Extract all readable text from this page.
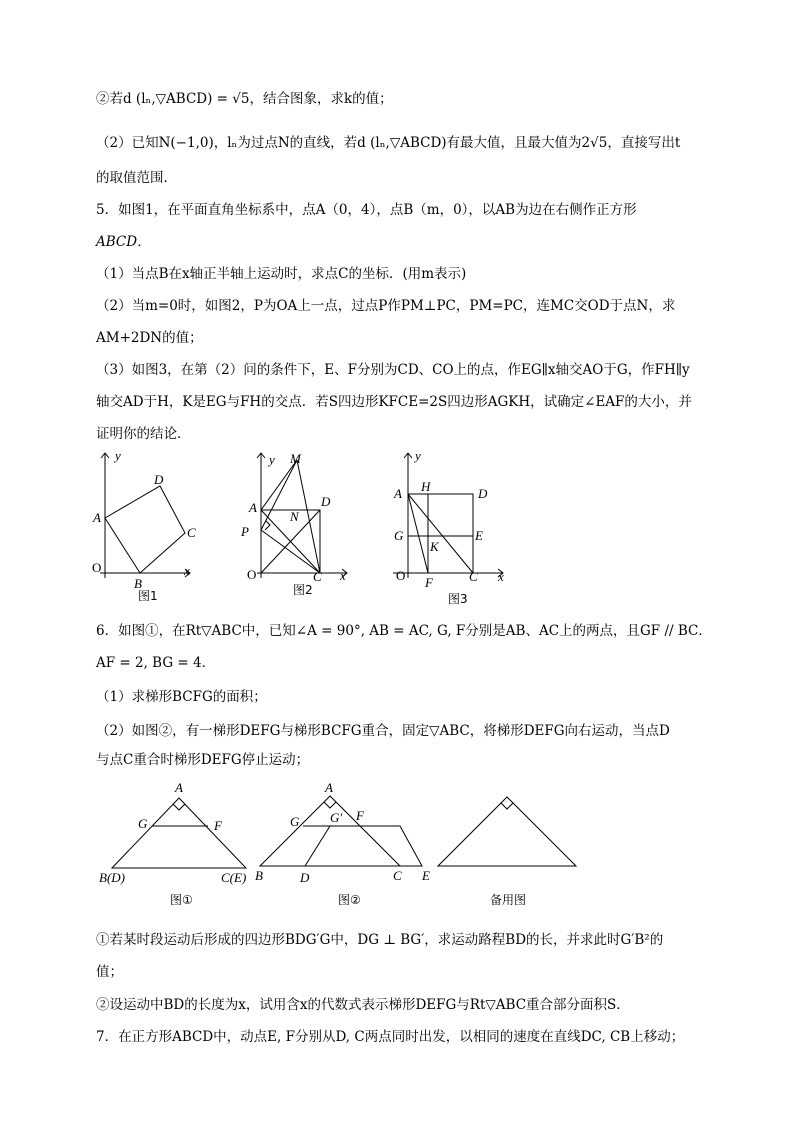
②若d (lₙ,▽ABCD) = √5，结合图象，求k的值；
（2）已知N(−1,0)，lₙ为过点N的直线，若d (lₙ,▽ABCD)有最大值，且最大值为2√5，直接写出t
的取值范围．
5．如图1，在平面直角坐标系中，点A（0，4），点B（m，0），以AB为边在右侧作正方形
ABCD．
（1）当点B在x轴正半轴上运动时，求点C的坐标．(用m表示)
（2）当m=0时，如图2，P为OA上一点，过点P作PM⊥PC，PM=PC，连MC交OD于点N，求
AM+2DN的值；
（3）如图3，在第（2）问的条件下，E、F分别为CD、CO上的点，作EG∥x轴交AO于G，作FH∥y
轴交AD于H，K是EG与FH的交点．若S四边形KFCE=2S四边形AGKH，试确定∠EAF的大小，并
证明你的结论．
y
x
O
A
B
C
D
图1
y
x
O
A
C
D
M
N
P
图2
y
x
O
A H	D
G	E
K
F	C
图3
6．如图①，在Rt▽ABC中，已知∠A = 90°, AB = AC, G, F分别是AB、AC上的两点，且GF // BC．
AF = 2, BG = 4．
（1）求梯形BCFG的面积；
（2）如图②，有一梯形DEFG与梯形BCFG重合，固定▽ABC，将梯形DEFG向右运动，当点D
与点C重合时梯形DEFG停止运动；
A
G	F
B(D)	C(E)
图①
A
G G′ F
B	D	C E
图②	备用图
①若某时段运动后形成的四边形BDG′G中，DG ⊥ BG′，求运动路程BD的长，并求此时G′B²的
值；
②设运动中BD的长度为x，试用含x的代数式表示梯形DEFG与Rt▽ABC重合部分面积S．
7．在正方形ABCD中，动点E, F分别从D, C两点同时出发，以相同的速度在直线DC, CB上移动；
